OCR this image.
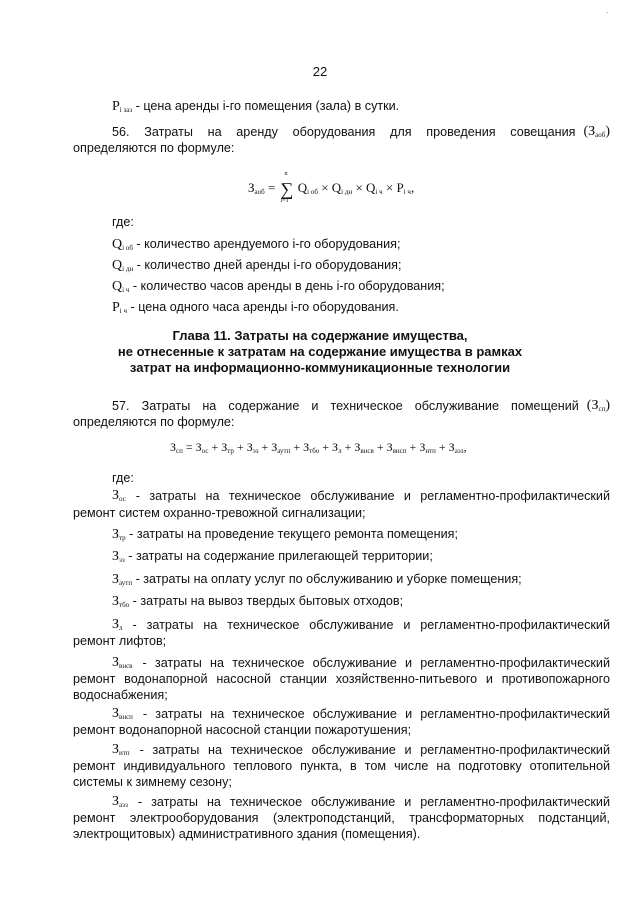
22
$P_{i заз}$ - цена аренды i-го помещения (зала) в сутки.
56. Затраты на аренду оборудования для проведения совещания $(З_{аоб})$
определяются по формуле:
$З_{аоб}$ =
n
∑
i=1
$Q_{i об} \times Q_{i дн} \times Q_{i ч} \times P_{i ч}$,
где:
$Q_{i об}$ - количество арендуемого i-го оборудования;
$Q_{i дн}$ - количество дней аренды i-го оборудования;
$Q_{i ч}$ - количество часов аренды в день i-го оборудования;
$P_{i ч}$ - цена одного часа аренды i-го оборудования.
Глава 11. Затраты на содержание имущества,
не отнесенные к затратам на содержание имущества в рамках
затрат на информационно-коммуникационные технологии
57. Затраты на содержание и техническое обслуживание помещений $(З_{сп})$
определяются по формуле:
$З_{сп} = З_{ос} + З_{тр} + З_{эз} + З_{аутп} + З_{тбо} + З_л + З_{внсв} + З_{внсп} + З_{итп} + З_{аэз}$,
где:
$З_{ос}$ - затраты на техническое обслуживание и регламентно-профилактический
ремонт систем охранно-тревожной сигнализации;
$З_{тр}$ - затраты на проведение текущего ремонта помещения;
$З_{эз}$ - затраты на содержание прилегающей территории;
$З_{аутп}$ - затраты на оплату услуг по обслуживанию и уборке помещения;
$З_{тбо}$ - затраты на вывоз твердых бытовых отходов;
$З_л$ - затраты на техническое обслуживание и регламентно-профилактический
ремонт лифтов;
$З_{внсв}$ - затраты на техническое обслуживание и регламентно-профилактический
ремонт водонапорной насосной станции хозяйственно-питьевого и противопожарного
водоснабжения;
$З_{внсп}$ - затраты на техническое обслуживание и регламентно-профилактический
ремонт водонапорной насосной станции пожаротушения;
$З_{итп}$ - затраты на техническое обслуживание и регламентно-профилактический
ремонт индивидуального теплового пункта, в том числе на подготовку отопительной
системы к зимнему сезону;
$З_{аэз}$ - затраты на техническое обслуживание и регламентно-профилактический
ремонт электрооборудования (электроподстанций, трансформаторных подстанций,
электрощитовых) административного здания (помещения).
·
